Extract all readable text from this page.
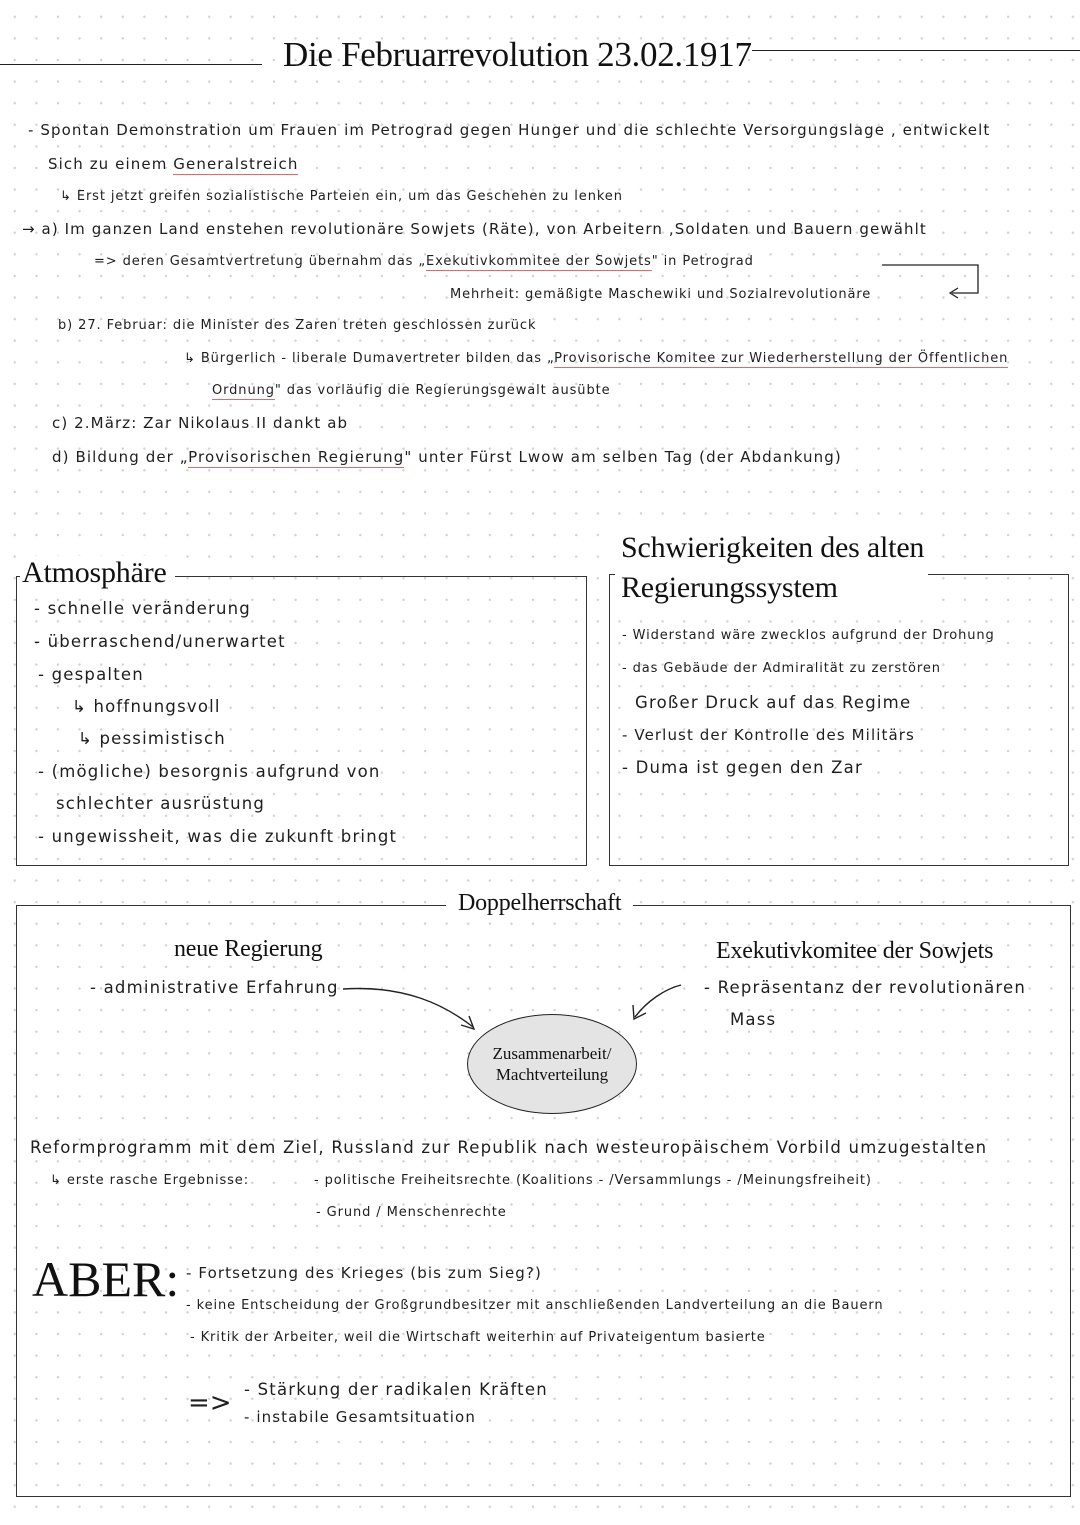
Die Februarrevolution 23.02.1917
- Spontan Demonstration um Frauen im Petrograd gegen Hunger und die schlechte Versorgungslage , entwickelt
Sich zu einem Generalstreich
↳ Erst jetzt greifen sozialistische Parteien ein, um das Geschehen zu lenken
→ a) Im ganzen Land enstehen revolutionäre Sowjets (Räte), von Arbeitern ,Soldaten und Bauern gewählt
=> deren Gesamtvertretung übernahm das „Exekutivkommitee der Sowjets" in Petrograd
Mehrheit: gemäßigte Maschewiki und Sozialrevolutionäre
b) 27. Februar: die Minister des Zaren treten geschlossen zurück
↳ Bürgerlich - liberale Dumavertreter bilden das „Provisorische Komitee zur Wiederherstellung der Öffentlichen
Ordnung" das vorläufig die Regierungsgewalt ausübte
c) 2.März: Zar Nikolaus II dankt ab
d) Bildung der „Provisorischen Regierung" unter Fürst Lwow am selben Tag (der Abdankung)
Atmosphäre
- schnelle veränderung
- überraschend/unerwartet
- gespalten
↳ hoffnungsvoll
↳ pessimistisch
- (mögliche) besorgnis aufgrund von
schlechter ausrüstung
- ungewissheit, was die zukunft bringt
Schwierigkeiten des alten
Regierungssystem
- Widerstand wäre zwecklos aufgrund der Drohung
- das Gebäude der Admiralität zu zerstören
Großer Druck auf das Regime
- Verlust der Kontrolle des Militärs
- Duma ist gegen den Zar
Doppelherrschaft
neue Regierung
- administrative Erfahrung
Exekutivkomitee der Sowjets
- Repräsentanz der revolutionären
Mass
Zusammenarbeit/
Machtverteilung
Reformprogramm mit dem Ziel, Russland zur Republik nach westeuropäischem Vorbild umzugestalten
↳ erste rasche Ergebnisse:	- politische Freiheitsrechte (Koalitions - /Versammlungs - /Meinungsfreiheit)
- Grund / Menschenrechte
ABER: - Fortsetzung des Krieges (bis zum Sieg?)
- keine Entscheidung der Großgrundbesitzer mit anschließenden Landverteilung an die Bauern
- Kritik der Arbeiter, weil die Wirtschaft weiterhin auf Privateigentum basierte
=> - Stärkung der radikalen Kräften
- instabile Gesamtsituation
